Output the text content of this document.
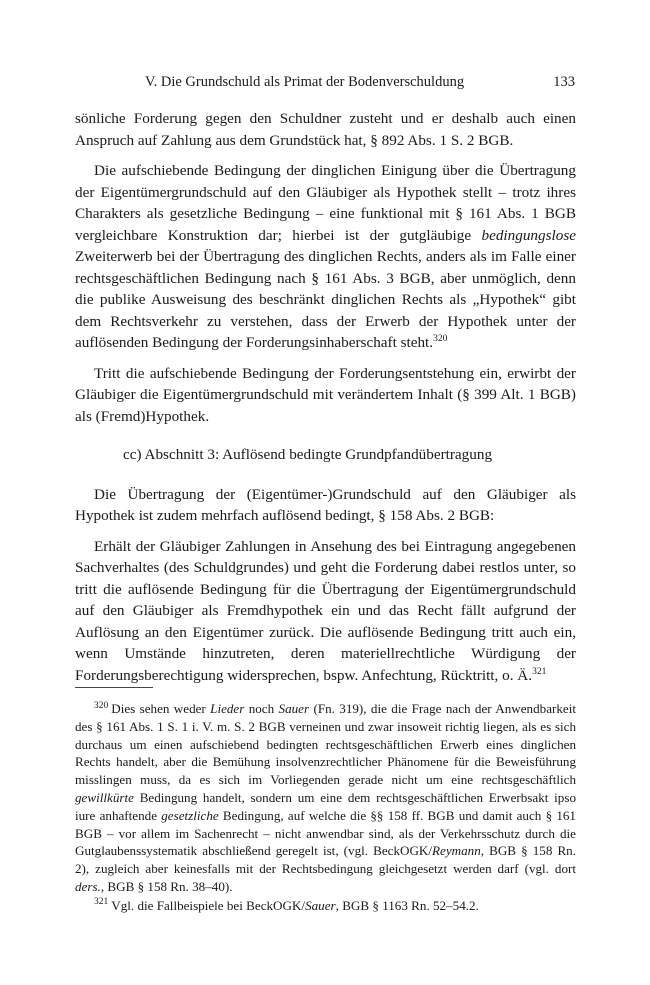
V. Die Grundschuld als Primat der Bodenverschuldung	133

sönliche Forderung gegen den Schuldner zusteht und er deshalb auch einen Anspruch auf Zahlung aus dem Grundstück hat, § 892 Abs. 1 S. 2 BGB.

Die aufschiebende Bedingung der dinglichen Einigung über die Übertragung der Eigentümergrundschuld auf den Gläubiger als Hypothek stellt – trotz ihres Charakters als gesetzliche Bedingung – eine funktional mit § 161 Abs. 1 BGB vergleichbare Konstruktion dar; hierbei ist der gutgläubige bedingungslose Zweiterwerb bei der Übertragung des dinglichen Rechts, anders als im Falle einer rechtsgeschäftlichen Bedingung nach § 161 Abs. 3 BGB, aber unmöglich, denn die publike Ausweisung des beschränkt dinglichen Rechts als „Hypothek“ gibt dem Rechtsverkehr zu verstehen, dass der Erwerb der Hypothek unter der auflösenden Bedingung der Forderungsinhaberschaft steht.$^{320}$

Tritt die aufschiebende Bedingung der Forderungsentstehung ein, erwirbt der Gläubiger die Eigentümergrundschuld mit verändertem Inhalt (§ 399 Alt. 1 BGB) als (Fremd)Hypothek.

cc) Abschnitt 3: Auflösend bedingte Grundpfandübertragung

Die Übertragung der (Eigentümer-)Grundschuld auf den Gläubiger als Hypothek ist zudem mehrfach auflösend bedingt, § 158 Abs. 2 BGB:

Erhält der Gläubiger Zahlungen in Ansehung des bei Eintragung angegebenen Sachverhaltes (des Schuldgrundes) und geht die Forderung dabei restlos unter, so tritt die auflösende Bedingung für die Übertragung der Eigentümergrundschuld auf den Gläubiger als Fremdhypothek ein und das Recht fällt aufgrund der Auflösung an den Eigentümer zurück. Die auflösende Bedingung tritt auch ein, wenn Umstände hinzutreten, deren materiellrechtliche Würdigung der Forderungsberechtigung widersprechen, bspw. Anfechtung, Rücktritt, o. Ä.$^{321}$

$^{320}$ Dies sehen weder Lieder noch Sauer (Fn. 319), die die Frage nach der Anwendbarkeit des § 161 Abs. 1 S. 1 i. V. m. S. 2 BGB verneinen und zwar insoweit richtig liegen, als es sich durchaus um einen aufschiebend bedingten rechtsgeschäftlichen Erwerb eines dinglichen Rechts handelt, aber die Bemühung insolvenzrechtlicher Phänomene für die Beweisführung misslingen muss, da es sich im Vorliegenden gerade nicht um eine rechtsgeschäftlich gewillkürte Bedingung handelt, sondern um eine dem rechtsgeschäftlichen Erwerbsakt ipso iure anhaftende gesetzliche Bedingung, auf welche die §§ 158 ff. BGB und damit auch § 161 BGB – vor allem im Sachenrecht – nicht anwendbar sind, als der Verkehrsschutz durch die Gutglaubenssystematik abschließend geregelt ist, (vgl. BeckOGK/Reymann, BGB § 158 Rn. 2), zugleich aber keinesfalls mit der Rechtsbedingung gleichgesetzt werden darf (vgl. dort ders., BGB § 158 Rn. 38–40).

$^{321}$ Vgl. die Fallbeispiele bei BeckOGK/Sauer, BGB § 1163 Rn. 52–54.2.
